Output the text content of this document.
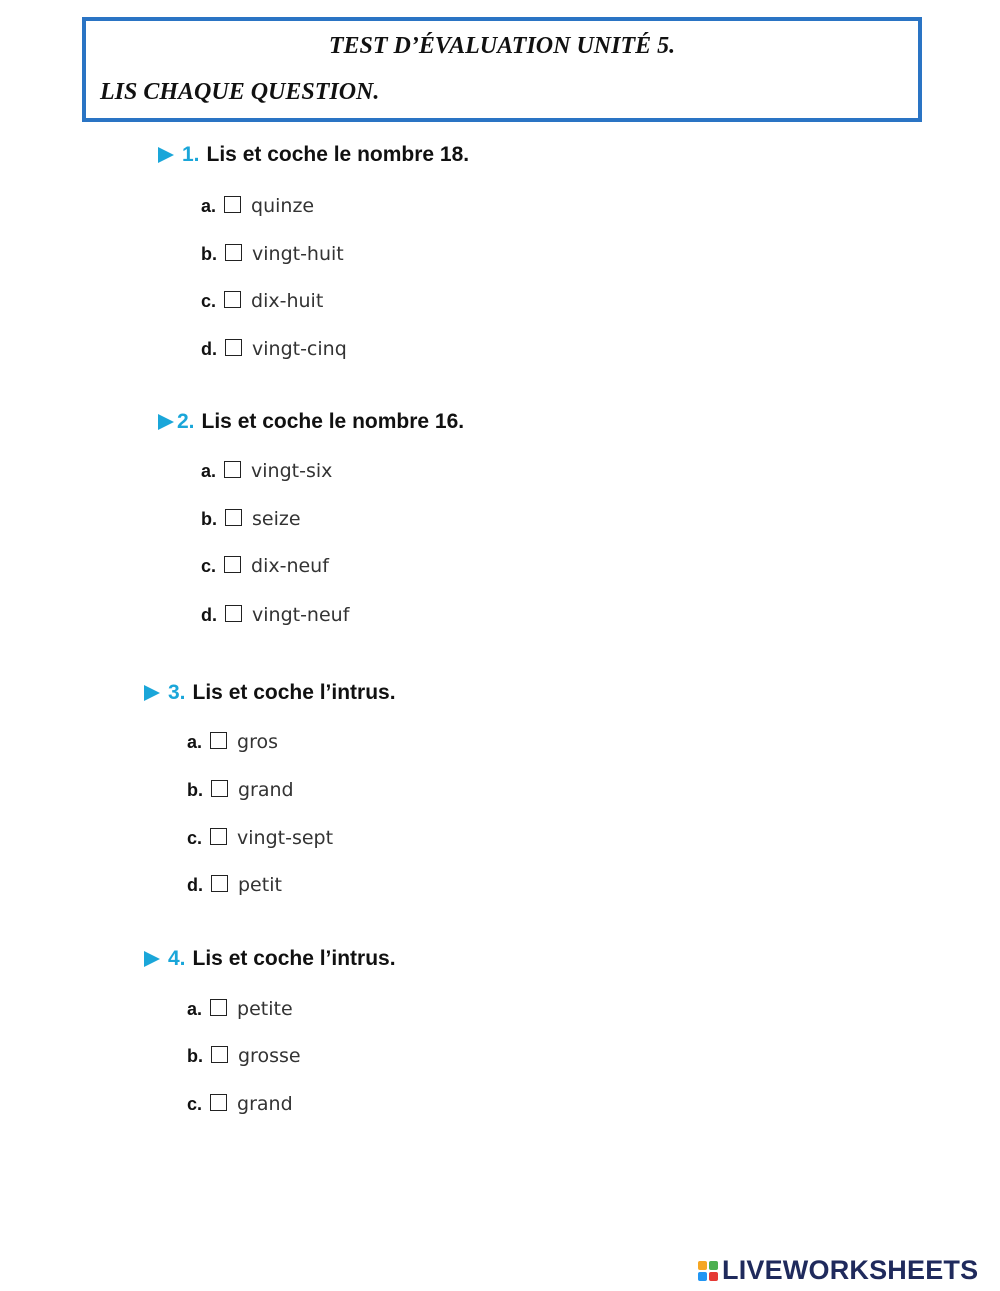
TEST D’ÉVALUATION UNITÉ 5.
LIS CHAQUE QUESTION.
1. Lis et coche le nombre 18.
a. quinze
b. vingt-huit
c. dix-huit
d. vingt-cinq
2. Lis et coche le nombre 16.
a. vingt-six
b. seize
c. dix-neuf
d. vingt-neuf
3. Lis et coche l’intrus.
a. gros
b. grand
c. vingt-sept
d. petit
4. Lis et coche l’intrus.
a. petite
b. grosse
c. grand
LIVEWORKSHEETS
